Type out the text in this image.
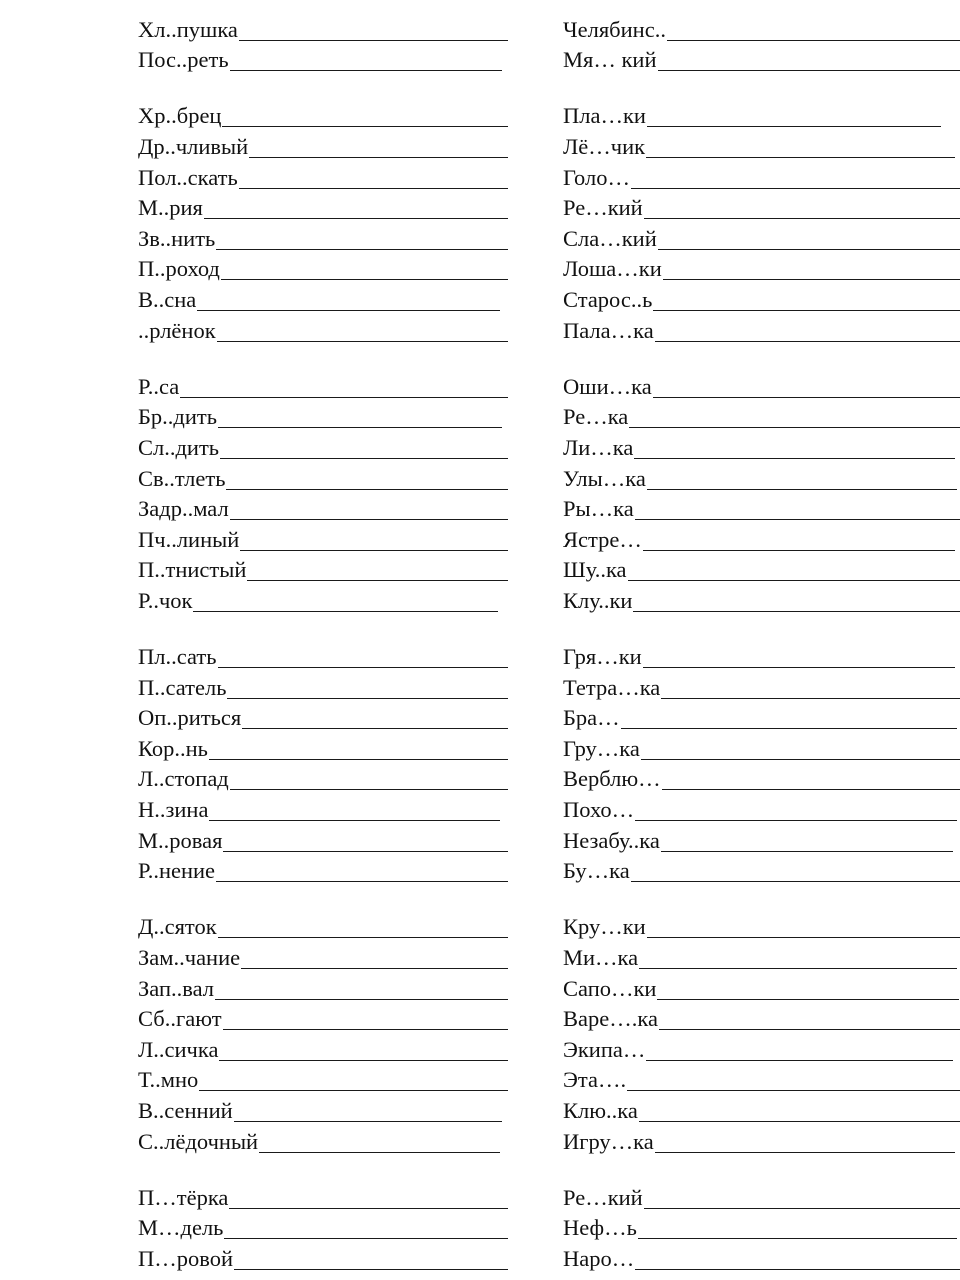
Хл..пушка
Пос..реть
Хр..брец
Др..чливый
Пол..скать
М..рия
Зв..нить
П..роход
В..сна
..рлёнок
Р..са
Бр..дить
Сл..дить
Св..тлеть
Задр..мал
Пч..линый
П..тнистый
Р..чок
Пл..сать
П..сатель
Оп..риться
Кор..нь
Л..стопад
Н..зина
М..ровая
Р..нение
Д..сяток
Зам..чание
Зап..вал
Сб..гают
Л..сичка
Т..мно
В..сенний
С..лёдочный
П…тёрка
М…дель
П…ровой
Челябинс..
Мя… кий
Пла…ки
Лё…чик
Голо…
Ре…кий
Сла…кий
Лоша…ки
Старос..ь
Пала…ка
Оши…ка
Ре…ка
Ли…ка
Улы…ка
Ры…ка
Ястре…
Шу..ка
Клу..ки
Гря…ки
Тетра…ка
Бра…
Гру…ка
Верблю…
Похо…
Незабу..ка
Бу…ка
Кру…ки
Ми…ка
Сапо…ки
Варе….ка
Экипа…
Эта….
Клю..ка
Игру…ка
Ре…кий
Неф…ь
Наро…
